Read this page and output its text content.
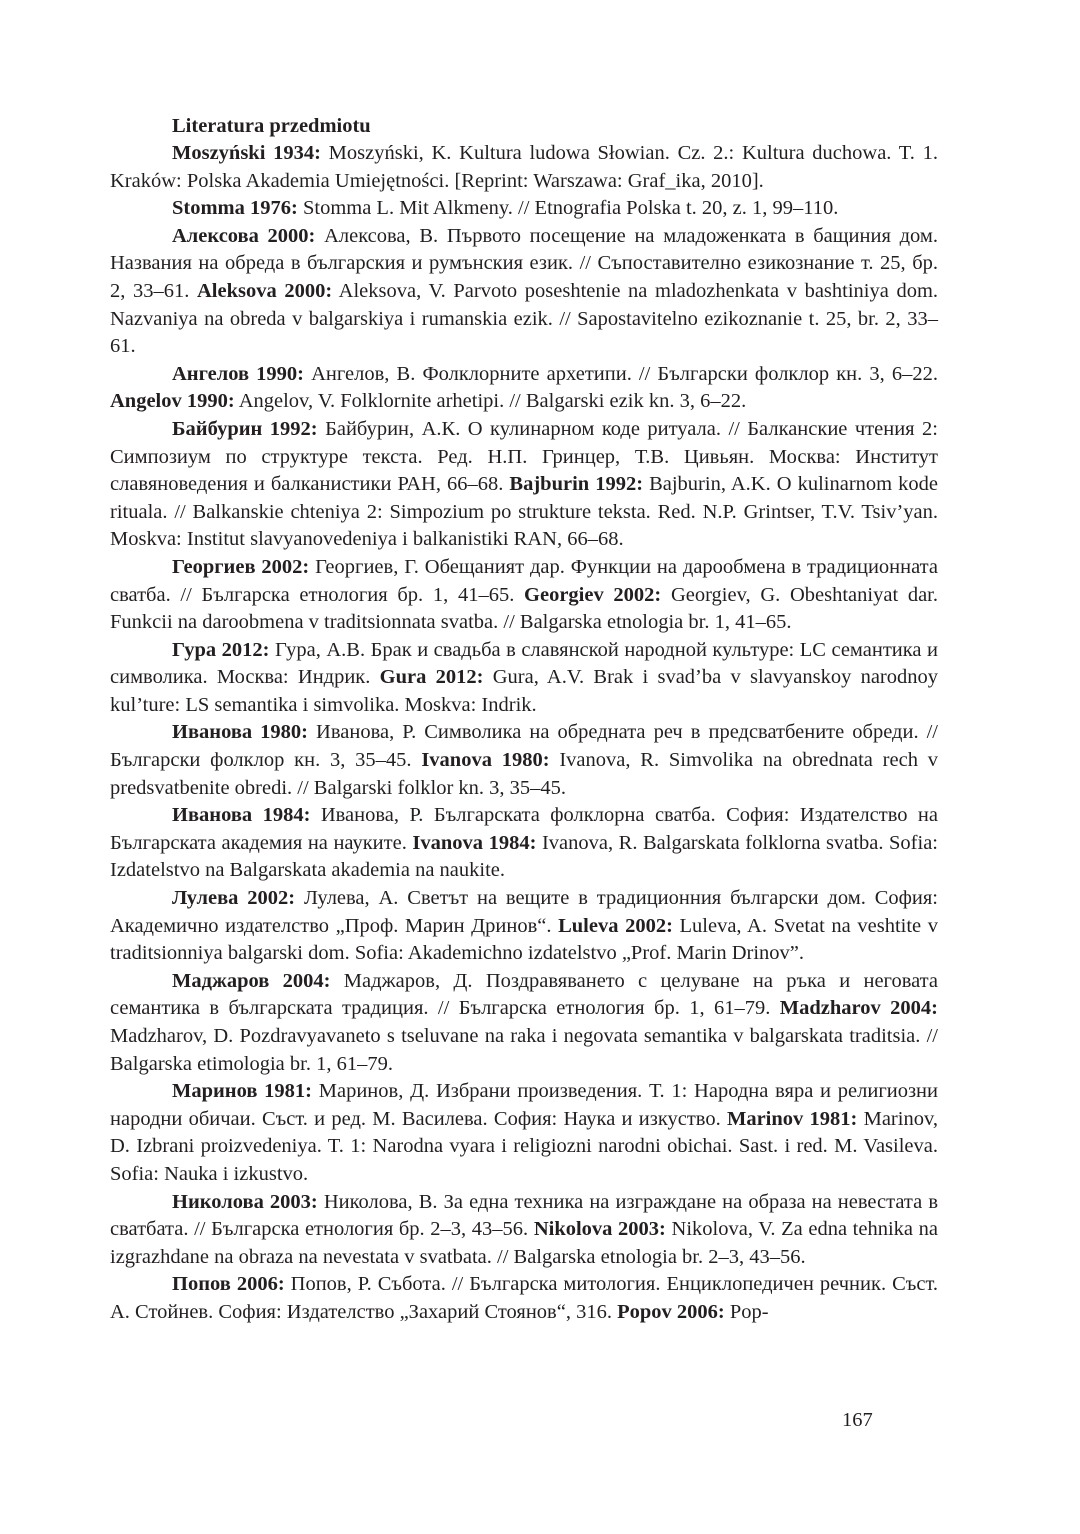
Literatura przedmiotu

Moszyński 1934: Moszyński, K. Kultura ludowa Słowian. Cz. 2.: Kultura duchowa. T. 1. Kraków: Polska Akademia Umiejętności. [Reprint: Warszawa: Graf_ika, 2010].

Stomma 1976: Stomma L. Mit Alkmeny. // Etnografia Polska t. 20, z. 1, 99–110.

Алексова 2000: Алексова, В. Първото посещение на младоженката в бащиния дом. Названия на обреда в българския и румънския език. // Съпоставително езикознание т. 25, бр. 2, 33–61. Aleksova 2000: Aleksova, V. Parvoto poseshtenie na mladozhenkata v bashtiniya dom. Nazvaniya na obreda v balgarskiya i rumanskia ezik. // Sapostavitelno ezikoznanie t. 25, br. 2, 33–61.

Ангелов 1990: Ангелов, В. Фолклорните архетипи. // Български фолклор кн. 3, 6–22. Angelov 1990: Angelov, V. Folklornite arhetipi. // Balgarski ezik kn. 3, 6–22.

Байбурин 1992: Байбурин, А.К. О кулинарном коде ритуала. // Балканские чтения 2: Симпозиум по структуре текста. Ред. Н.П. Гринцер, Т.В. Цивьян. Москва: Институт славяноведения и балканистики РАН, 66–68. Bajburin 1992: Bajburin, A.K. O kulinarnom kode rituala. // Balkanskie chteniya 2: Simpozium po strukture teksta. Red. N.P. Grintser, T.V. Tsiv’yan. Moskva: Institut slavyanovedeniya i balkanistiki RAN, 66–68.

Георгиев 2002: Георгиев, Г. Обещаният дар. Функции на дарообмена в традиционната сватба. // Българска етнология бр. 1, 41–65. Georgiev 2002: Georgiev, G. Obeshtaniyat dar. Funkcii na daroobmena v traditsionnata svatba. // Balgarska etnologia br. 1, 41–65.

Гура 2012: Гура, А.В. Брак и свадьба в славянской народной культуре: LC семантика и символика. Москва: Индрик. Gura 2012: Gura, A.V. Brak i svad’ba v slavyanskoy narodnoy kul’ture: LS semantika i simvolika. Moskva: Indrik.

Иванова 1980: Иванова, Р. Символика на обредната реч в предсватбените обреди. // Български фолклор кн. 3, 35–45. Ivanova 1980: Ivanova, R. Simvolika na obrednata rech v predsvatbenite obredi. // Balgarski folklor kn. 3, 35–45.

Иванова 1984: Иванова, Р. Българската фолклорна сватба. София: Издателство на Българската академия на науките. Ivanova 1984: Ivanova, R. Balgarskata folklorna svatba. Sofia: Izdatelstvo na Balgarskata akademia na naukite.

Лулева 2002: Лулева, А. Светът на вещите в традиционния български дом. София: Академично издателство „Проф. Марин Дринов“. Luleva 2002: Luleva, A. Svetat na veshtite v traditsionniya balgarski dom. Sofia: Akademichno izdatelstvo „Prof. Marin Drinov”.

Маджаров 2004: Маджаров, Д. Поздравяването с целуване на ръка и неговата семантика в българската традиция. // Българска етнология бр. 1, 61–79. Madzharov 2004: Madzharov, D. Pozdravyavaneto s tseluvane na raka i negovata semantika v balgarskata traditsia. // Balgarska etimologia br. 1, 61–79.

Маринов 1981: Маринов, Д. Избрани произведения. Т. 1: Народна вяра и религиозни народни обичаи. Съст. и ред. М. Василева. София: Наука и изкуство. Marinov 1981: Marinov, D. Izbrani proizvedeniya. T. 1: Narodna vyara i religiozni narodni obichai. Sast. i red. M. Vasileva. Sofia: Nauka i izkustvo.

Николова 2003: Николова, В. За една техника на изграждане на образа на невестата в сватбата. // Българска етнология бр. 2–3, 43–56. Nikolova 2003: Nikolova, V. Za edna tehnika na izgrazhdane na obraza na nevestata v svatbata. // Balgarska etnologia br. 2–3, 43–56.

Попов 2006: Попов, Р. Събота. // Българска митология. Енциклопедичен речник. Съст. А. Стойнев. София: Издателство „Захарий Стоянов“, 316. Popov 2006: Pop-

167
